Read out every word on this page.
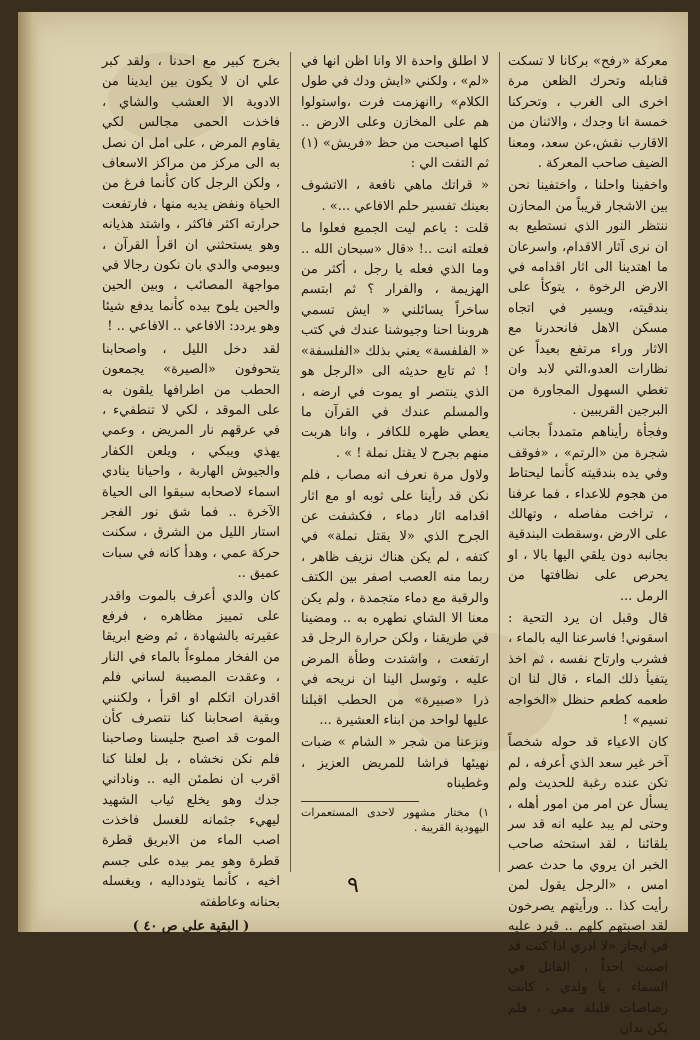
معركة «رفح» بركانا لا تسكت قنابله وتحرك الظعن مرة اخرى الى الغرب ، وتحركنا خمسة انا وجدك ، والاثنان من الاقارب نقش،عن سعد، ومعنا الضيف صاحب المعركة .

واخفينا واحلنا ، واختفينا نحن بين الاشجار قريباً من المحازن ننتظر النور الذي نستطيع به ان نرى آثار الاقدام، واسرعان ما اهتدينا الى اثار اقدامه في الارض الرخوة ، يتوكأ على بندقيته، ويسير في اتجاه مسكن الاهل فانحدرنا مع الاثار وراء مرتفع بعيداً عن نظارات العدو،التي لابد وان تغطي السهول المجاورة من البرجين القريبين .

وفجأة رأيناهم متمدداً بجانب شجرة من «الرتم» ، «فوقف وفي يده بندقيته كأنما ليحتاط من هجوم للاعداء ، فما عرفنا ، تراخت مفاصله ، وتهالك على الارض ،وسقطت البندقية بجانبه دون يلقي اليها بالا ، او يحرص على نظافتها من الرمل ...

قال وقبل ان يرد التحية : اسقوني! فاسرعنا اليه بالماء ، فشرب وارتاح نفسه ، ثم اخذ يتفيأ ذلك الماء ، قال لنا ان طعمه كطعم حنظل «الخواجه نسيم» !

كان الاعياء قد حوله شخصاً آخر غير سعد الذي أعرفه ، لم تكن عنده رغبة للحديث ولم يسأل عن امر من امور أهله ، وحتى لم يبد عليه انه قد سر بلقائنا ، لقد استحثه صاحب الخبر ان يروي ما حدث عصر امس ، «الرجل يقول لمن رأيت كذا .. ورأيتهم يصرخون لقد اصبتهم كلهم .. قيرد عليه في ايجاز «لا ادري اذا كنت قد اصبت احداً ، القاتل في السماء ، يا ولدي ، كانت رصاصات قليلة معي ، فلم يكن بدان

لا اطلق واحدة الا وانا اظن انها في «لم» ، ولكني «ايش ودك في طول الكلام» راانهزمت فرت ،واستولوا هم على المخازن وعلى الارض .. كلها اصبحت من حظ «فريش» (١) ثم التفت الي :

« قراتك ماهي نافعة ، الاتشوف بعينك تفسير حلم الافاعي ...» .

قلت : باعم ليت الجميع فعلوا ما فعلته انت ..! «قال «سبحان الله .. وما الذي فعله يا رجل ، أكثر من الهزيمة ، والفرار ؟ ثم ابتسم ساخراً يسائلني « ايش تسمي هروبنا احنا وجيوشنا عندك في كتب « الفلفسة» يعني بذلك «الفلسفة» ! ثم تابع حديثه الى «الرجل هو الذي ينتصر او يموت في ارضه ، والمسلم عندك في القرآن ما يعطي ظهره للكافر ، وانا هربت منهم بجرح لا يقتل نملة ! » .

ولاول مرة نعرف انه مصاب ، فلم نكن قد رأينا على ثوبه او مع اثار اقدامه اثار دماء ، فكشفت عن الجرح الذي «لا يقتل نملة» في كتفه ، لم يكن هناك نزيف ظاهر ، ربما منه العصب اصفر بين الكتف والرقبة مع دماء متجمدة ، ولم يكن معنا الا الشاي نطهره به .. ومضينا في طريقنا ، ولكن حرارة الرجل قد ارتفعت ، واشتدت وطأة المرض عليه ، وتوسل الينا ان نريحه في ذرا «صبيرة» من الحطب اقبلنا عليها لواحد من ابناء العشيرة ...

ونزعنا من شجر « الشام » ضبات نهيئها فراشا للمريض العزيز ، وغطيناه

١) مختار مشهور لاحدى المستعمرات اليهودية القريبة .

بخرج كبير مع احدنا ، ولقد كبر علي ان لا يكون بين ايدينا من الادوية الا العشب والشاي ، فاخذت الحمى مجالس لكي يقاوم المرض ، على امل ان نصل به الى مركز من مراكز الاسعاف ، ولكن الرجل كان كأنما فرغ من الحياة ونفض يديه منها ، فارتفعت حرارته اكثر فاكثر ، واشتد هذيانه وهو يستحثني ان اقرأ القرآن ، وبيومي والدي بان نكون رجالا في مواجهة المصائب ، وبين الحين والحين يلوح بيده كأنما يدفع شيئا وهو يردد: الافاعي .. الافاعي .. !

لقد دخل الليل ، واصحابنا يتحوفون «الصيرة» يجمعون الحطب من اطرافها يلقون به على الموقد ، لكي لا تنطفيء ، في عرقهم نار المريض ، وعمي يهذي ويبكي ، ويلعن الكفار والجيوش الهاربة ، واحيانا ينادي اسماء لاصحابه سبقوا الى الحياة الآخرة .. فما شق نور الفجر استار الليل من الشرق ، سكنت حركة عمي ، وهدأ كانه في سبات عميق ..

كان والدي أعرف بالموت واقدر على تمييز مظاهره ، فرفع عقيرته بالشهادة ، ثم وضع ابريقا من الفخار مملوءاً بالماء في النار ، وعقدت المصيبة لساني فلم اقدران اتكلم او اقرأ ، ولكنني وبقية اصحابنا كنا نتصرف كأن الموت قد اصبح جليسنا وصاحبنا فلم نكن نخشاه ، بل لعلنا كنا اقرب ان نطمئن اليه .. وناداني جدك وهو يخلع ثياب الشهيد ليهيء جثمانه للغسل فاخذت اصب الماء من الابريق قطرة قطرة وهو يمر بيده على جسم اخيه ، كأنما يتودداليه ، ويغسله بحنانه وعاطفته

( البقية على ص ٤٠ )
٩
